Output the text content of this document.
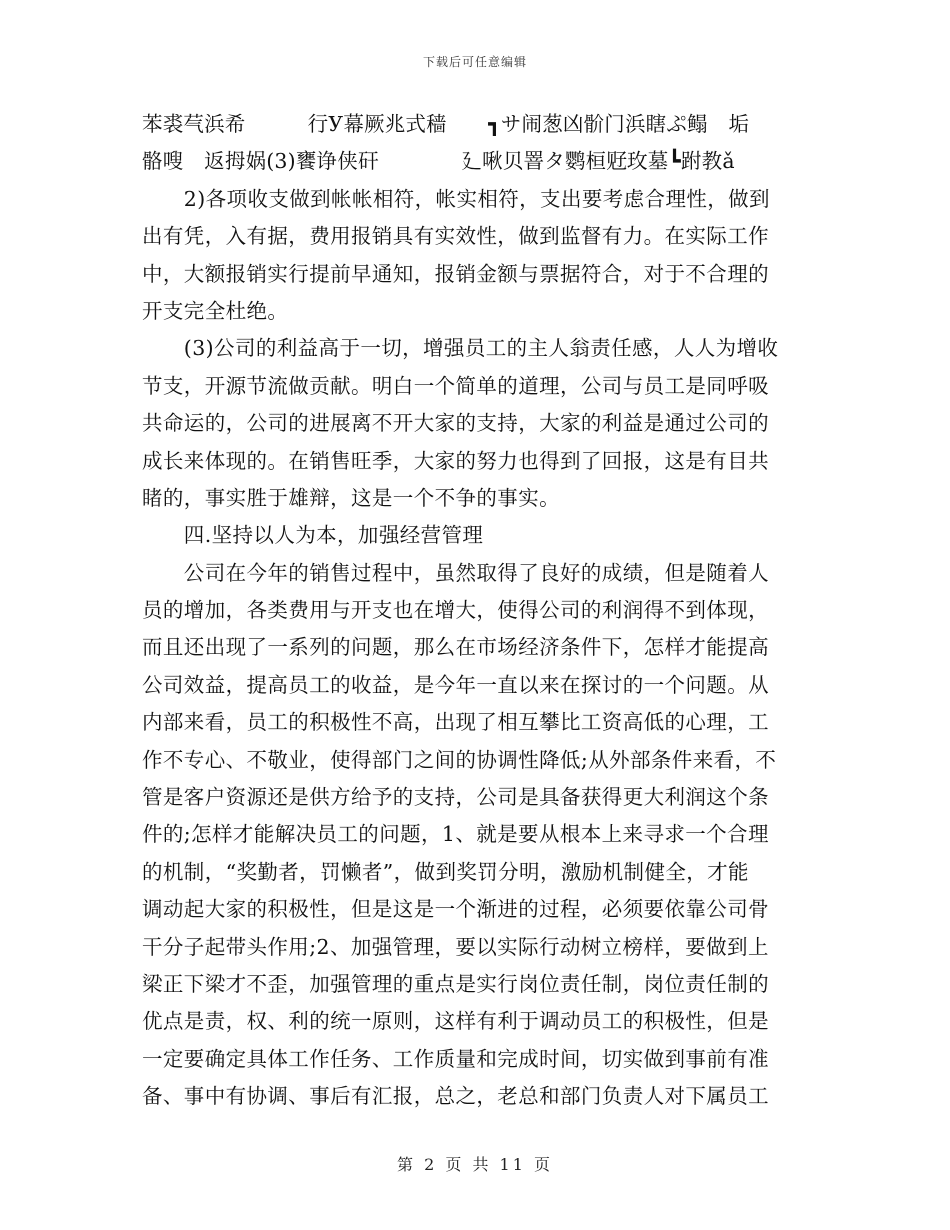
下载后可任意编辑
苯裘芞浜希　　　行У幕厥兆式穑　　┓サ闹葱凶骱门浜瞎ぷ鳎　垢
骼嗖　返拇娲(3)饔诤侠矸　　　　廴啾贝罯タ鹦桓觃玫墓┗跗教ǎ
　　2)各项收支做到帐帐相符，帐实相符，支出要考虑合理性，做到
出有凭，入有据，费用报销具有实效性，做到监督有力。在实际工作
中，大额报销实行提前早通知，报销金额与票据符合，对于不合理的
开支完全杜绝。
　　(3)公司的利益高于一切，增强员工的主人翁责任感，人人为增收
节支，开源节流做贡献。明白一个简单的道理，公司与员工是同呼吸
共命运的，公司的进展离不开大家的支持，大家的利益是通过公司的
成长来体现的。在销售旺季，大家的努力也得到了回报，这是有目共
睹的，事实胜于雄辩，这是一个不争的事实。
　　四.坚持以人为本，加强经营管理
　　公司在今年的销售过程中，虽然取得了良好的成绩，但是随着人
员的增加，各类费用与开支也在增大，使得公司的利润得不到体现，
而且还出现了一系列的问题，那么在市场经济条件下，怎样才能提高
公司效益，提高员工的收益，是今年一直以来在探讨的一个问题。从
内部来看，员工的积极性不高，出现了相互攀比工资高低的心理，工
作不专心、不敬业，使得部门之间的协调性降低;从外部条件来看，不
管是客户资源还是供方给予的支持，公司是具备获得更大利润这个条
件的;怎样才能解决员工的问题，1、就是要从根本上来寻求一个合理
的机制，“奖勤者，罚懒者”，做到奖罚分明，激励机制健全，才能
调动起大家的积极性，但是这是一个渐进的过程，必须要依靠公司骨
干分子起带头作用;2、加强管理，要以实际行动树立榜样，要做到上
梁正下梁才不歪，加强管理的重点是实行岗位责任制，岗位责任制的
优点是责，权、利的统一原则，这样有利于调动员工的积极性，但是
一定要确定具体工作任务、工作质量和完成时间，切实做到事前有准
备、事中有协调、事后有汇报，总之，老总和部门负责人对下属员工
第 2 页 共 11 页
